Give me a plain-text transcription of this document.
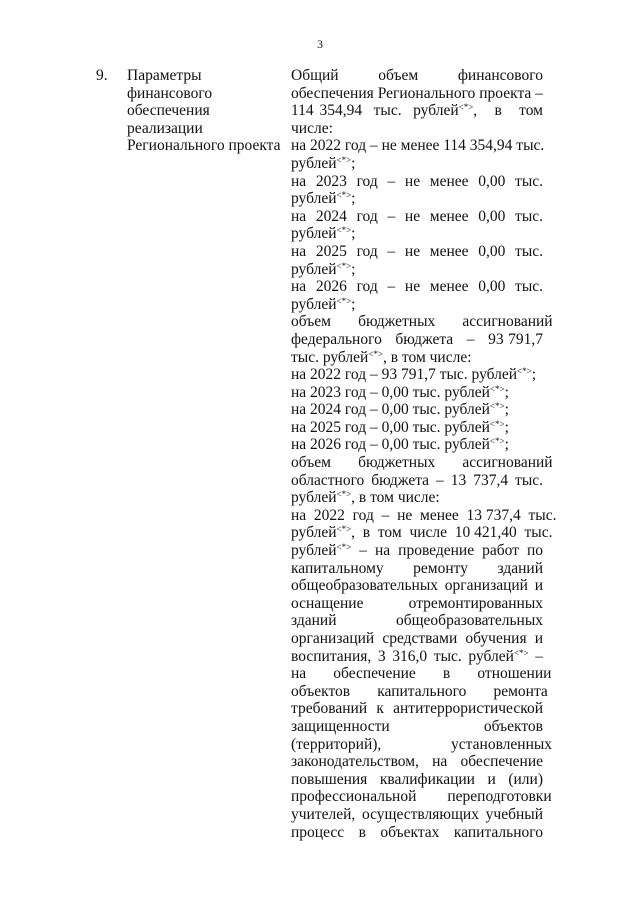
3
9. Параметры
финансового
обеспечения
реализации
Регионального проекта
Общий         объем         финансового
обеспечения Регионального проекта –
114 354,94  тыс.  рублей<*>,   в   том
числе:
на 2022 год – не менее 114 354,94 тыс.
рублей<*>;
на  2023  год  –  не  менее  0,00  тыс.
рублей<*>;
на  2024  год  –  не  менее  0,00  тыс.
рублей<*>;
на  2025  год  –  не  менее  0,00  тыс.
рублей<*>;
на  2026  год  –  не  менее  0,00  тыс.
рублей<*>;
объем       бюджетных       ассигнований
федерального   бюджета   –   93 791,7
тыс. рублей<*>, в том числе:
на 2022 год – 93 791,7 тыс. рублей<*>;
на 2023 год – 0,00 тыс. рублей<*>;
на 2024 год – 0,00 тыс. рублей<*>;
на 2025 год – 0,00 тыс. рублей<*>;
на 2026 год – 0,00 тыс. рублей<*>;
объем       бюджетных       ассигнований
областного бюджета – 13 737,4 тыс.
рублей<*>, в том числе:
на  2022  год  –  не  менее  13 737,4  тыс.
рублей<*>,  в  том  числе  10 421,40  тыс.
рублей<*> – на проведение работ по
капитальному       ремонту       зданий
общеобразовательных организаций и
оснащение           отремонтированных
зданий            общеобразовательных
организаций средствами обучения и
воспитания, 3 316,0 тыс. рублей<*> –
на       обеспечение       в       отношении
объектов       капитального       ремонта
требований к антитеррористической
защищенности                       объектов
(территорий),                  установленных
законодательством, на обеспечение
повышения квалификации и (или)
профессиональной        переподготовки
учителей, осуществляющих учебный
процесс   в   объектах   капитального
